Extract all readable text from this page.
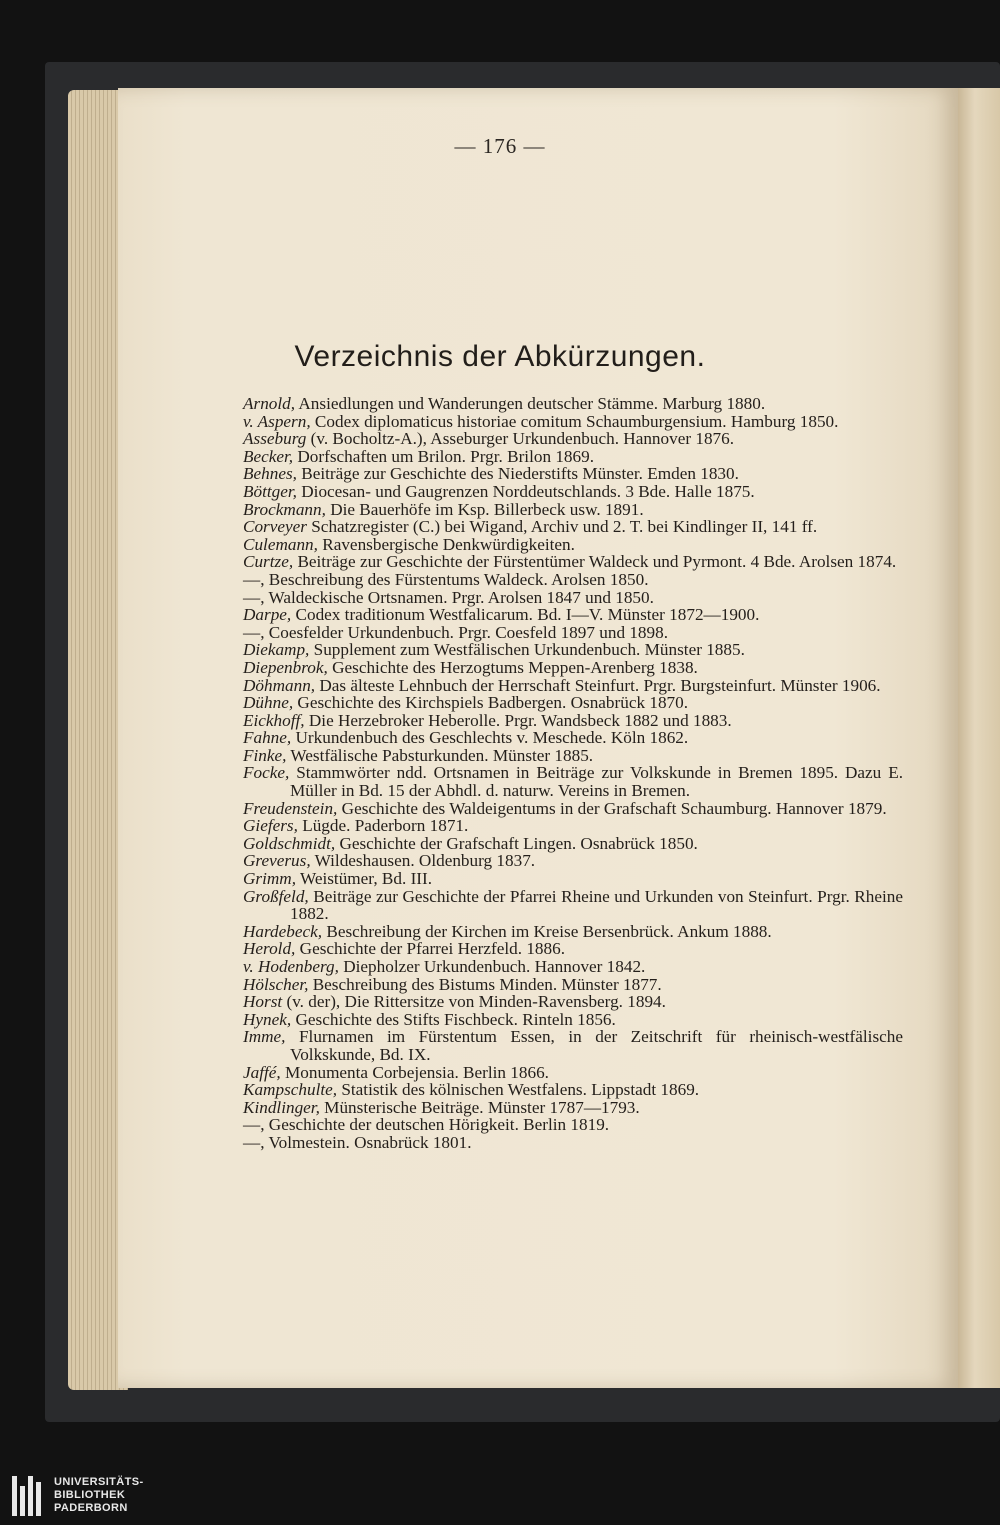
— 176 —
Verzeichnis der Abkürzungen.

Arnold, Ansiedlungen und Wanderungen deutscher Stämme. Marburg 1880.

v. Aspern, Codex diplomaticus historiae comitum Schaumburgensium. Hamburg 1850.

Asseburg (v. Bocholtz-A.), Asseburger Urkundenbuch. Hannover 1876.

Becker, Dorfschaften um Brilon. Prgr. Brilon 1869.

Behnes, Beiträge zur Geschichte des Niederstifts Münster. Emden 1830.

Böttger, Diocesan- und Gaugrenzen Norddeutschlands. 3 Bde. Halle 1875.

Brockmann, Die Bauerhöfe im Ksp. Billerbeck usw. 1891.

Corveyer Schatzregister (C.) bei Wigand, Archiv und 2. T. bei Kindlinger II, 141 ff.

Culemann, Ravensbergische Denkwürdigkeiten.

Curtze, Beiträge zur Geschichte der Fürstentümer Waldeck und Pyrmont. 4 Bde. Arolsen 1874.

—, Beschreibung des Fürstentums Waldeck. Arolsen 1850.

—, Waldeckische Ortsnamen. Prgr. Arolsen 1847 und 1850.

Darpe, Codex traditionum Westfalicarum. Bd. I—V. Münster 1872—1900.

—, Coesfelder Urkundenbuch. Prgr. Coesfeld 1897 und 1898.

Diekamp, Supplement zum Westfälischen Urkundenbuch. Münster 1885.

Diepenbrok, Geschichte des Herzogtums Meppen-Arenberg 1838.

Döhmann, Das älteste Lehnbuch der Herrschaft Steinfurt. Prgr. Burgsteinfurt. Münster 1906.

Dühne, Geschichte des Kirchspiels Badbergen. Osnabrück 1870.

Eickhoff, Die Herzebroker Heberolle. Prgr. Wandsbeck 1882 und 1883.

Fahne, Urkundenbuch des Geschlechts v. Meschede. Köln 1862.

Finke, Westfälische Pabsturkunden. Münster 1885.

Focke, Stammwörter ndd. Ortsnamen in Beiträge zur Volkskunde in Bremen 1895. Dazu E. Müller in Bd. 15 der Abhdl. d. naturw. Vereins in Bremen.

Freudenstein, Geschichte des Waldeigentums in der Grafschaft Schaumburg. Hannover 1879.

Giefers, Lügde. Paderborn 1871.

Goldschmidt, Geschichte der Grafschaft Lingen. Osnabrück 1850.

Greverus, Wildeshausen. Oldenburg 1837.

Grimm, Weistümer, Bd. III.

Großfeld, Beiträge zur Geschichte der Pfarrei Rheine und Urkunden von Steinfurt. Prgr. Rheine 1882.

Hardebeck, Beschreibung der Kirchen im Kreise Bersenbrück. Ankum 1888.

Herold, Geschichte der Pfarrei Herzfeld. 1886.

v. Hodenberg, Diepholzer Urkundenbuch. Hannover 1842.

Hölscher, Beschreibung des Bistums Minden. Münster 1877.

Horst (v. der), Die Rittersitze von Minden-Ravensberg. 1894.

Hynek, Geschichte des Stifts Fischbeck. Rinteln 1856.

Imme, Flurnamen im Fürstentum Essen, in der Zeitschrift für rheinisch-westfälische Volkskunde, Bd. IX.

Jaffé, Monumenta Corbejensia. Berlin 1866.

Kampschulte, Statistik des kölnischen Westfalens. Lippstadt 1869.

Kindlinger, Münsterische Beiträge. Münster 1787—1793.

—, Geschichte der deutschen Hörigkeit. Berlin 1819.

—, Volmestein. Osnabrück 1801.

UNIVERSITÄTS-
BIBLIOTHEK
PADERBORN
